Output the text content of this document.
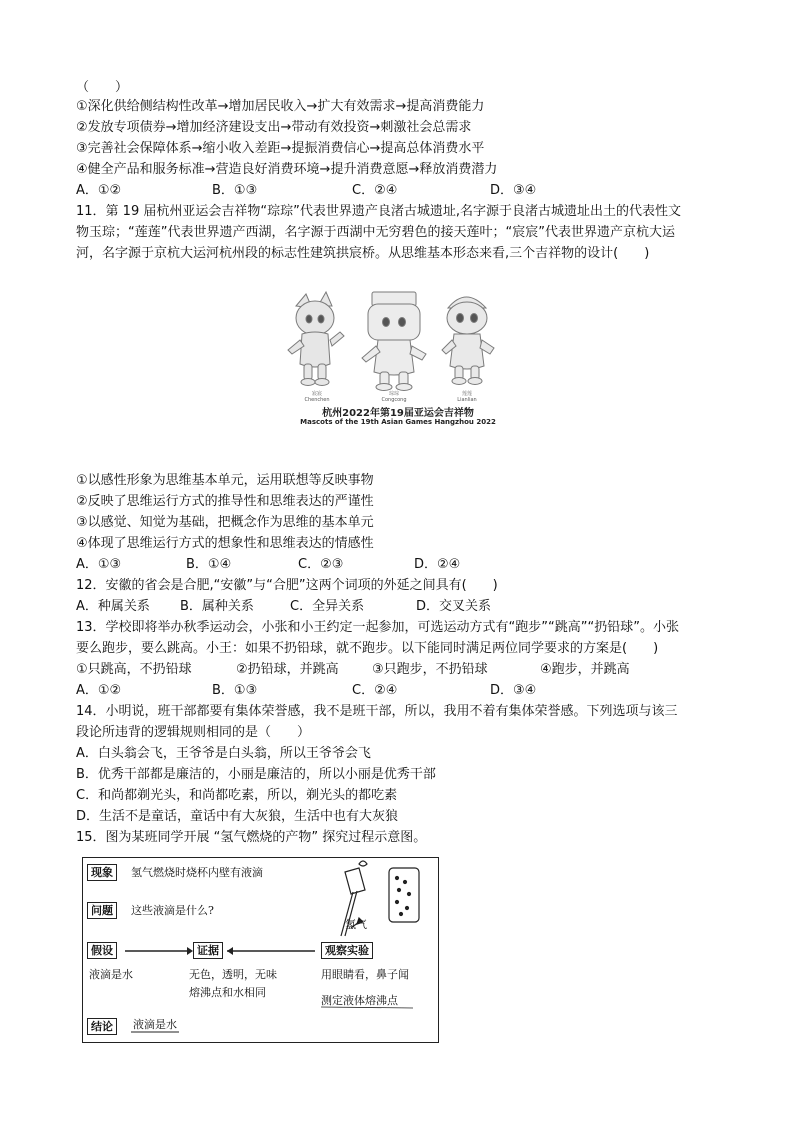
（　　）
①深化供给侧结构性改革→增加居民收入→扩大有效需求→提高消费能力
②发放专项债券→增加经济建设支出→带动有效投资→刺激社会总需求
③完善社会保障体系→缩小收入差距→提振消费信心→提高总体消费水平
④健全产品和服务标准→营造良好消费环境→提升消费意愿→释放消费潜力
A．①②	B．①③	C．②④	D．③④
11．第 19 届杭州亚运会吉祥物“琮琮”代表世界遗产良渚古城遗址,名字源于良渚古城遗址出土的代表性文
物玉琮；“莲莲”代表世界遗产西湖，名字源于西湖中无穷碧色的接天莲叶；“宸宸”代表世界遗产京杭大运
河，名字源于京杭大运河杭州段的标志性建筑拱宸桥。从思维基本形态来看,三个吉祥物的设计(　　)
宸宸
Chenchen
琮琮
Congcong
莲莲
Lianlian
杭州2022年第19届亚运会吉祥物
Mascots of the 19th Asian Games Hangzhou 2022
①以感性形象为思维基本单元，运用联想等反映事物
②反映了思维运行方式的推导性和思维表达的严谨性
③以感觉、知觉为基础，把概念作为思维的基本单元
④体现了思维运行方式的想象性和思维表达的情感性
A．①③	B．①④	C．②③	D．②④
12．安徽的省会是合肥,“安徽”与“合肥”这两个词项的外延之间具有(　　)
A．种属关系 B．属种关系	C．全异关系	D．交叉关系
13．学校即将举办秋季运动会，小张和小王约定一起参加，可选运动方式有“跑步”“跳高”“扔铅球”。小张
要么跑步，要么跳高。小王：如果不扔铅球，就不跑步。以下能同时满足两位同学要求的方案是(　　)
①只跳高，不扔铅球	②扔铅球，并跳高	③只跑步，不扔铅球	④跑步，并跳高
A．①②	B．①③	C．②④	D．③④
14．小明说，班干部都要有集体荣誉感，我不是班干部，所以，我用不着有集体荣誉感。下列选项与该三
段论所违背的逻辑规则相同的是（　　）
A．白头翁会飞，王爷爷是白头翁，所以王爷爷会飞
B．优秀干部都是廉洁的，小丽是廉洁的，所以小丽是优秀干部
C．和尚都剃光头，和尚都吃素，所以，剃光头的都吃素
D．生活不是童话，童话中有大灰狼，生活中也有大灰狼
15．图为某班同学开展 “氢气燃烧的产物” 探究过程示意图。
现象	氢气燃烧时烧杯内壁有液滴
问题	这些液滴是什么?
假设	证据	观察实验
氢气
液滴是水	无色，透明，无味
熔沸点和水相同
用眼睛看，鼻子闻
测定液体熔沸点
结论	液滴是水
